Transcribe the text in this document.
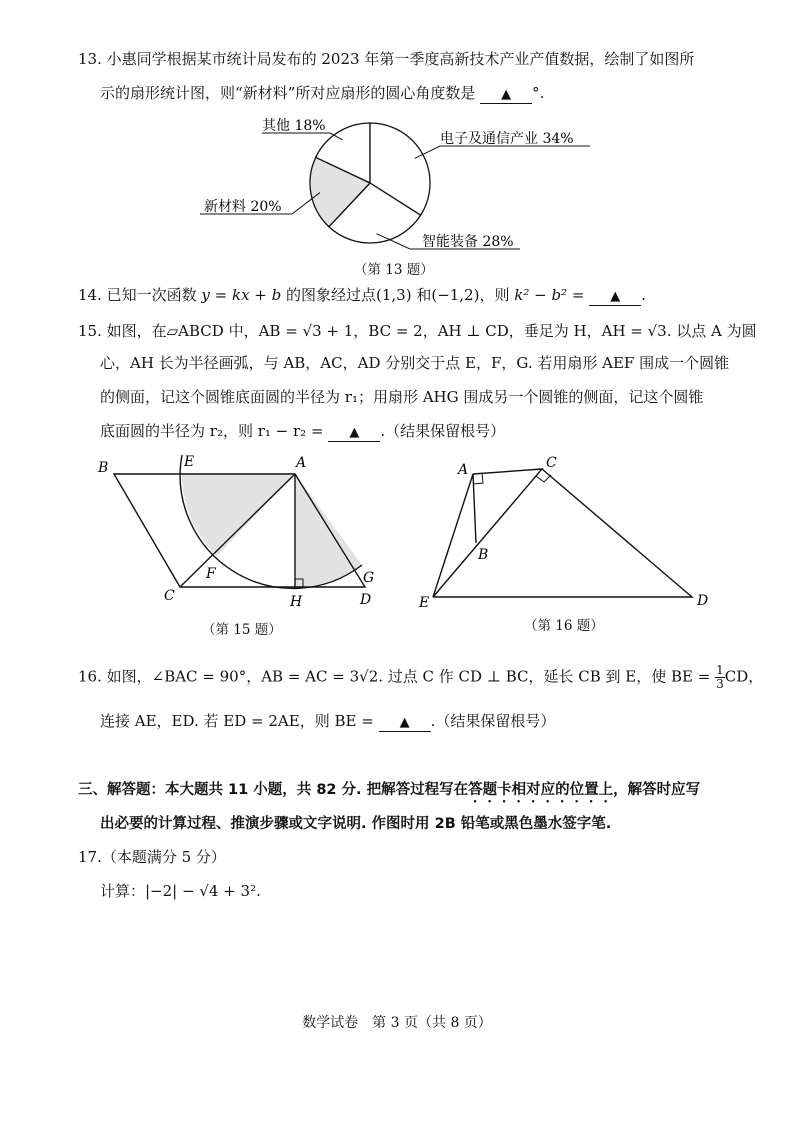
13. 小惠同学根据某市统计局发布的 2023 年第一季度高新技术产业产值数据，绘制了如图所
示的扇形统计图，则“新材料”所对应扇形的圆心角度数是 ▲ °.
其他 18%
电子及通信产业 34%
智能装备 28%
新材料 20%
（第 13 题）
14. 已知一次函数 y = kx + b 的图象经过点(1,3) 和(−1,2)，则 k² − b² = ▲ .
15. 如图，在▱ABCD 中，AB = √3 + 1，BC = 2，AH ⊥ CD，垂足为 H，AH = √3. 以点 A 为圆
心，AH 长为半径画弧，与 AB，AC，AD 分别交于点 E，F，G. 若用扇形 AEF 围成一个圆锥
的侧面，记这个圆锥底面圆的半径为 r₁；用扇形 AHG 围成另一个圆锥的侧面，记这个圆锥
底面圆的半径为 r₂，则 r₁ − r₂ = ▲ .（结果保留根号）
B	E	A
F
C	H	D
G
（第 15 题）
A	C
B
E	D
（第 16 题）
16. 如图，∠BAC = 90°，AB = AC = 3√2. 过点 C 作 CD ⊥ BC，延长 CB 到 E，使 BE = $\frac{1}{3}$ CD，
连接 AE，ED. 若 ED = 2AE，则 BE = ▲ .（结果保留根号）
三、解答题：本大题共 11 小题，共 82 分. 把解答过程写在答题卡相对应的位置上，解答时应写
出必要的计算过程、推演步骤或文字说明. 作图时用 2B 铅笔或黑色墨水签字笔.
17.（本题满分 5 分）
计算：|−2| − √4 + 3².
数学试卷　第 3 页（共 8 页）
